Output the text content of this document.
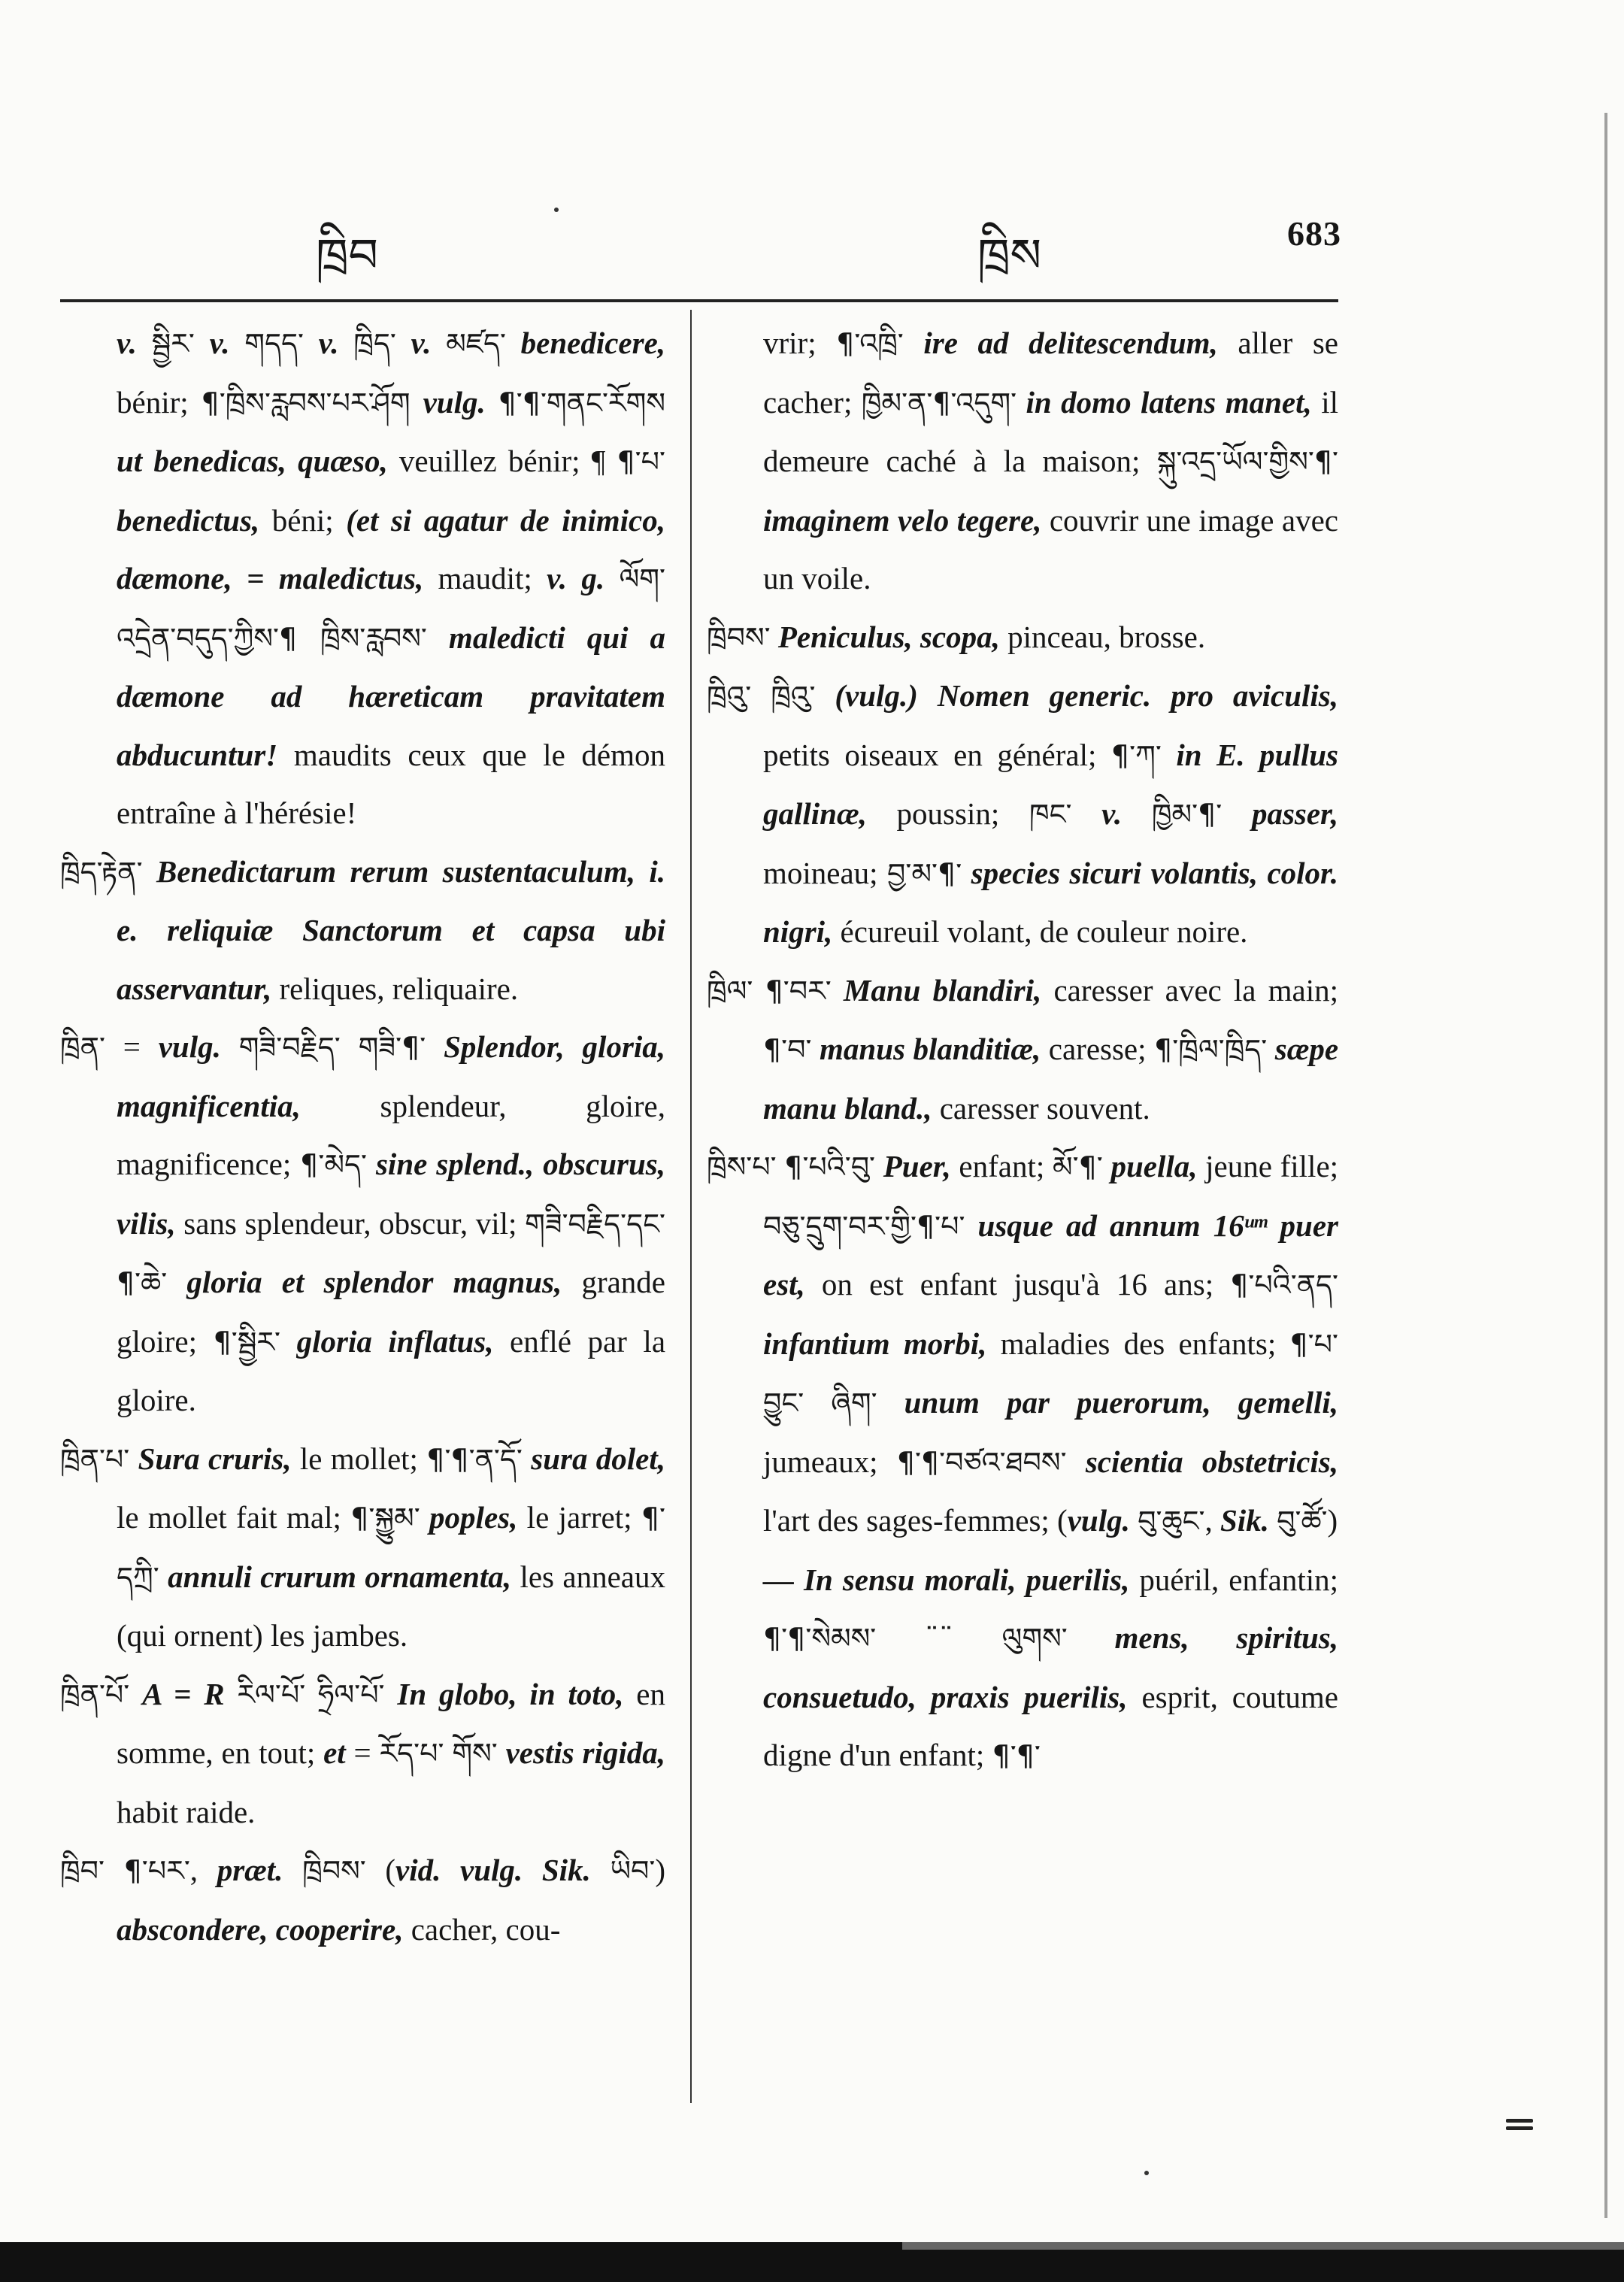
ཁྲིབ	ཁྲིས	683

v. སྦྱིར་ v. གདད་ v. ཁྲིད་ v. མཛད་ benedicere, bénir; ¶་ཁྲིས་རླབས་པར་ཤོག vulg. ¶་¶་གནང་རོགས ut benedicas, quæso, veuillez bénir; ¶ ¶་པ་ benedictus, béni; (et si agatur de inimico, dæmone, = maledictus, maudit; v. g. ལོག་འདྲེན་བདུད་ཀྱིས་¶ ཁྲིས་རླབས་ maledicti qui a dæmone ad hæreticam pravitatem abducuntur! maudits ceux que le démon entraîne à l'hérésie!

ཁྲིད་རྟེན་ Benedictarum rerum sustentaculum, i. e. reliquiæ Sanctorum et capsa ubi asservantur, reliques, reliquaire.

ཁྲིན་ = vulg. གཟི་བརྗིད་ གཟི་¶་ Splendor, gloria, magnificentia, splendeur, gloire, magnificence; ¶་མེད་ sine splend., obscurus, vilis, sans splendeur, obscur, vil; གཟི་བརྗིད་དང་¶་ཆེ་ gloria et splendor magnus, grande gloire; ¶་སྦྱིར་ gloria inflatus, enflé par la gloire.

ཁྲིན་པ་ Sura cruris, le mollet; ¶་¶་ན་དོ་ sura dolet, le mollet fait mal; ¶་སྐྱུམ་ poples, le jarret; ¶་དཀྲི་ annuli crurum ornamenta, les anneaux (qui ornent) les jambes.

ཁྲིན་པོ་ A = R རིལ་པོ་ ཧྲིལ་པོ་ In globo, in toto, en somme, en tout; et = རོད་པ་ གོས་ vestis rigida, habit raide.

ཁྲིབ་ ¶་པར་, præt. ཁྲིབས་ (vid. vulg. Sik. ཡིབ་) abscondere, cooperire, cacher, cou-

vrir; ¶་འཁྲི་ ire ad delitescendum, aller se cacher; ཁྱིམ་ན་¶་འདུག་ in domo latens manet, il demeure caché à la maison; སྐུ་འདྲ་ཡོལ་གྱིས་¶་ imaginem velo tegere, couvrir une image avec un voile.

ཁྲིབས་ Peniculus, scopa, pinceau, brosse.

ཁྲིའུ་ ཁྲིའུ་ (vulg.) Nomen generic. pro aviculis, petits oiseaux en général; ¶་ཀ་ in E. pullus gallinæ, poussin; ཁང་ v. ཁྱིམ་¶་ passer, moineau; བྱ་མ་¶་ species sicuri volantis, color. nigri, écureuil volant, de couleur noire.

ཁྲིལ་ ¶་བར་ Manu blandiri, caresser avec la main; ¶་བ་ manus blanditiæ, caresse; ¶་ཁྲིལ་ཁྲིད་ sæpe manu bland., caresser souvent.

ཁྲིས་པ་ ¶་པའི་བུ་ Puer, enfant; མོ་¶་ puella, jeune fille; བཅུ་དྲུག་བར་གྱི་¶་པ་ usque ad annum 16ᵘᵐ puer est, on est enfant jusqu'à 16 ans; ¶་པའི་ནད་ infantium morbi, maladies des enfants; ¶་པ་བྱུང་ ཞིག་ unum par puerorum, gemelli, jumeaux; ¶་¶་བཙའ་ཐབས་ scientia obstetricis, l'art des sages-femmes; (vulg. བུ་ཆུང་, Sik. བུ་ཚོ་)

— In sensu morali, puerilis, puéril, enfantin; ¶་¶་སེམས་ ¨¨ ལུགས་ mens, spiritus, consuetudo, praxis puerilis, esprit, coutume digne d'un enfant; ¶་¶་
